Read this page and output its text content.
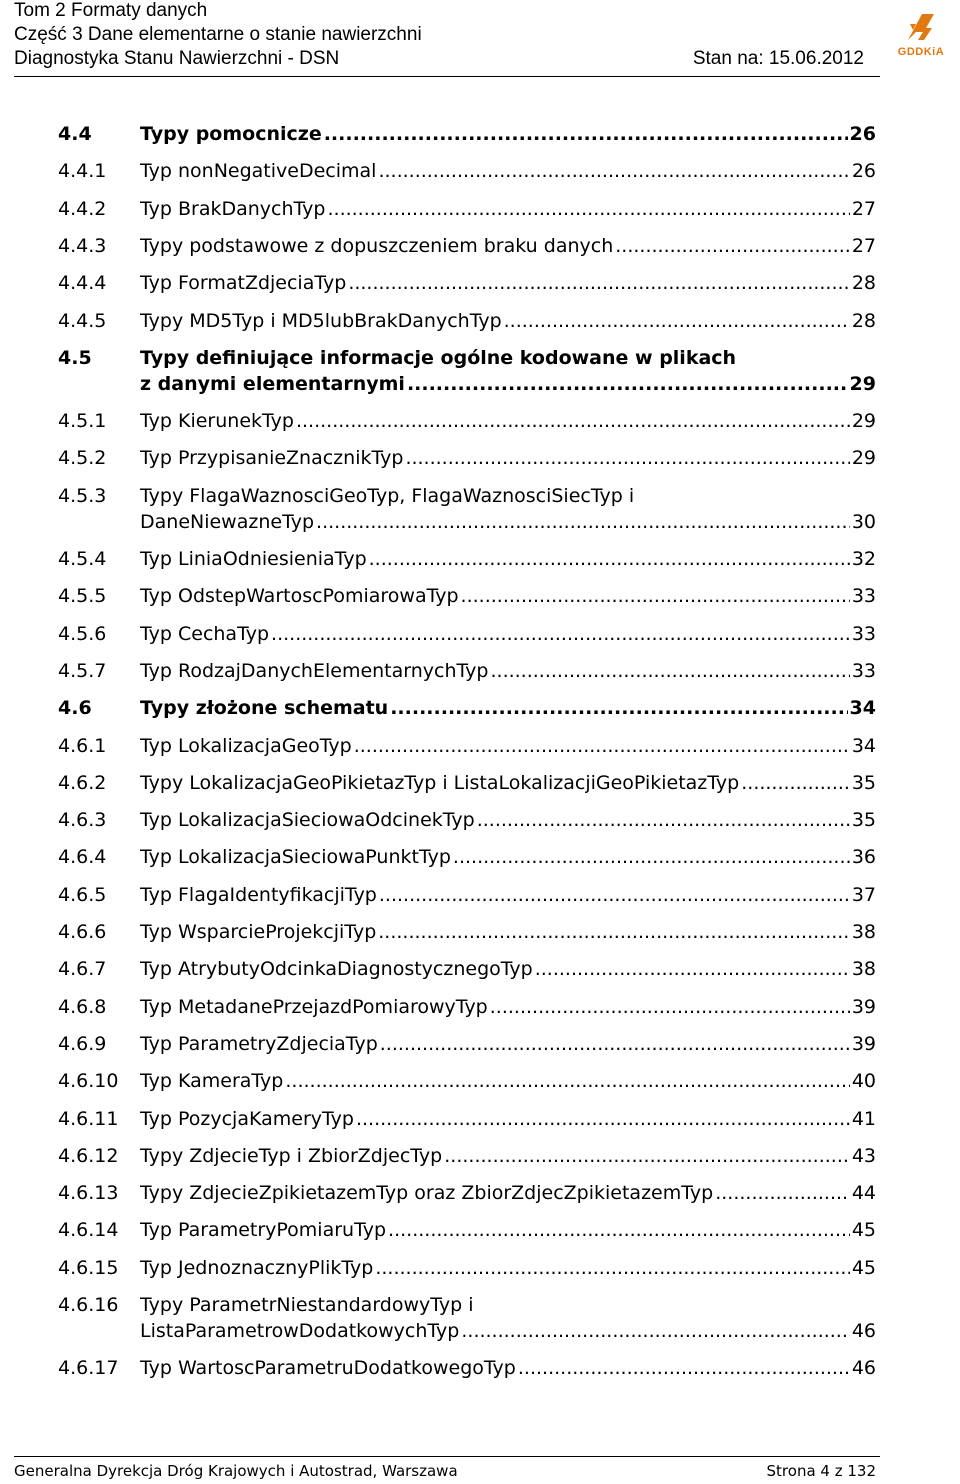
Tom 2 Formaty danych
Część 3 Dane elementarne o stanie nawierzchni
Diagnostyka Stanu Nawierzchni - DSN	Stan na: 15.06.2012	GDDKiA
4.4	Typy pomocnicze .....	26
4.4.1 Typ nonNegativeDecimal .....	26
4.4.2 Typ BrakDanychTyp .....	27
4.4.3 Typy podstawowe z dopuszczeniem braku danych .....	27
4.4.4 Typ FormatZdjeciaTyp .....	28
4.4.5 Typy MD5Typ i MD5lubBrakDanychTyp .....	28
4.5	Typy definiujące informacje ogólne kodowane w plikach
z danymi elementarnymi .....	29
4.5.1 Typ KierunekTyp .....	29
4.5.2 Typ PrzypisanieZnacznikTyp .....	29
4.5.3 Typy FlagaWaznosciGeoTyp, FlagaWaznosciSiecTyp i
DaneNiewazneTyp .....	30
4.5.4 Typ LiniaOdniesieniaTyp .....	32
4.5.5 Typ OdstepWartoscPomiarowaTyp .....	33
4.5.6 Typ CechaTyp .....	33
4.5.7 Typ RodzajDanychElementarnychTyp .....	33
4.6	Typy złożone schematu .....	34
4.6.1 Typ LokalizacjaGeoTyp .....	34
4.6.2 Typy LokalizacjaGeoPikietazTyp i ListaLokalizacjiGeoPikietazTyp .....	35
4.6.3 Typ LokalizacjaSieciowaOdcinekTyp .....	35
4.6.4 Typ LokalizacjaSieciowaPunktTyp .....	36
4.6.5 Typ FlagaIdentyfikacjiTyp .....	37
4.6.6 Typ WsparcieProjekcjiTyp .....	38
4.6.7 Typ AtrybutyOdcinkaDiagnostycznegoTyp .....	38
4.6.8 Typ MetadanePrzejazdPomiarowyTyp .....	39
4.6.9 Typ ParametryZdjeciaTyp .....	39
4.6.10 Typ KameraTyp .....	40
4.6.11 Typ PozycjaKameryTyp .....	41
4.6.12 Typy ZdjecieTyp i ZbiorZdjecTyp .....	43
4.6.13 Typy ZdjecieZpikietazemTyp oraz ZbiorZdjecZpikietazemTyp .....	44
4.6.14 Typ ParametryPomiaruTyp .....	45
4.6.15 Typ JednoznacznyPlikTyp .....	45
4.6.16 Typy ParametrNiestandardowyTyp i
ListaParametrowDodatkowychTyp .....	46
4.6.17 Typ WartoscParametruDodatkowegoTyp .....	46
Generalna Dyrekcja Dróg Krajowych i Autostrad, Warszawa	Strona 4 z 132
